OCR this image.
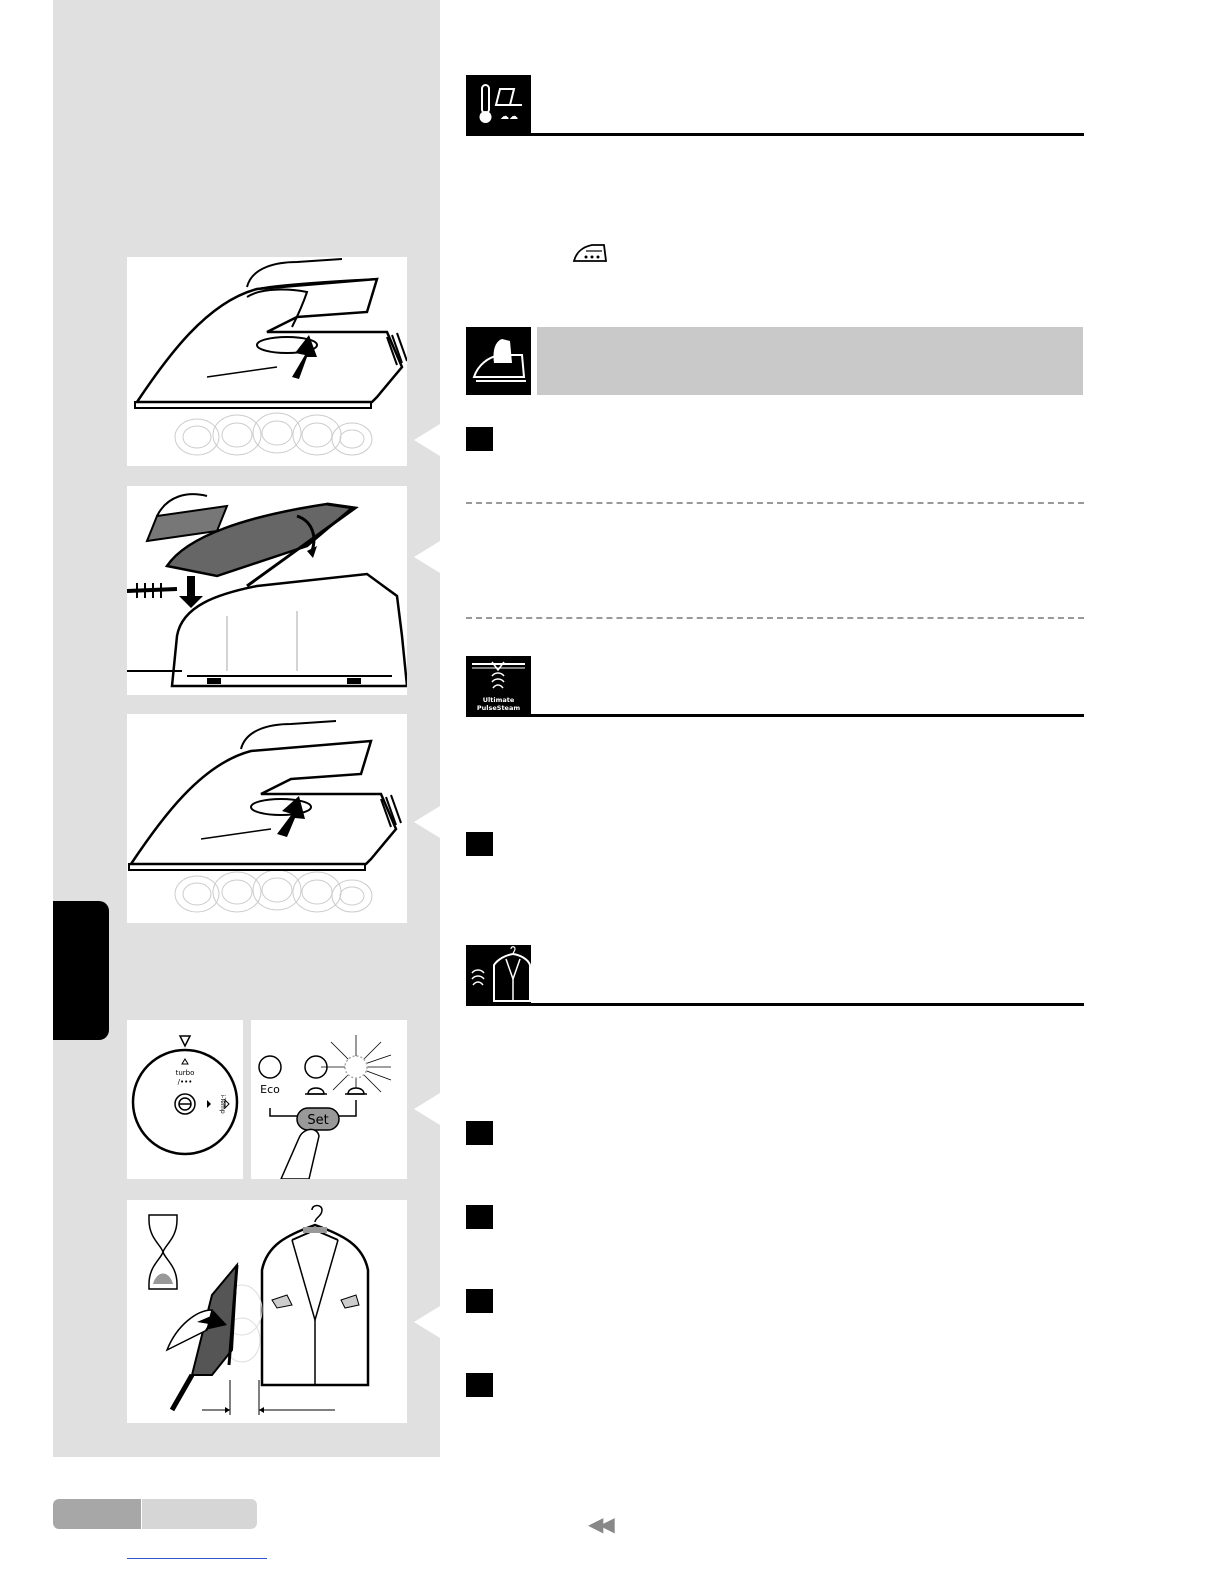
turbo
/•••
i-Temp
Eco
Set
☁☁
Ultimate
PulseSteam
◀◀
